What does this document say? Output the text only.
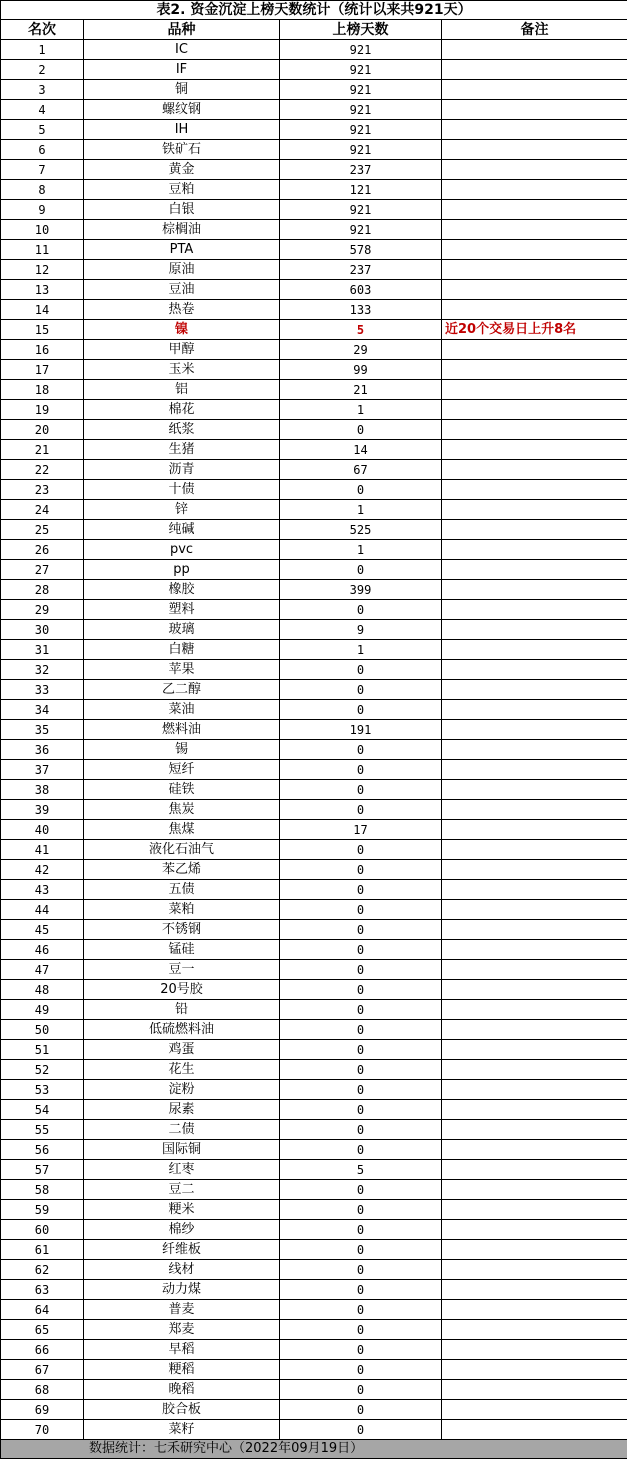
表2. 资金沉淀上榜天数统计（统计以来共921天）			
名次	品种	上榜天数	备注
1	IC	921	
2	IF	921	
3	铜	921	
4	螺纹钢	921	
5	IH	921	
6	铁矿石	921	
7	黄金	237	
8	豆粕	121	
9	白银	921	
10	棕榈油	921	
11	PTA	578	
12	原油	237	
13	豆油	603	
14	热卷	133	
15	镍	5	近20个交易日上升8名
16	甲醇	29	
17	玉米	99	
18	铝	21	
19	棉花	1	
20	纸浆	0	
21	生猪	14	
22	沥青	67	
23	十债	0	
24	锌	1	
25	纯碱	525	
26	pvc	1	
27	pp	0	
28	橡胶	399	
29	塑料	0	
30	玻璃	9	
31	白糖	1	
32	苹果	0	
33	乙二醇	0	
34	菜油	0	
35	燃料油	191	
36	锡	0	
37	短纤	0	
38	硅铁	0	
39	焦炭	0	
40	焦煤	17	
41	液化石油气	0	
42	苯乙烯	0	
43	五债	0	
44	菜粕	0	
45	不锈钢	0	
46	锰硅	0	
47	豆一	0	
48	20号胶	0	
49	铅	0	
50	低硫燃料油	0	
51	鸡蛋	0	
52	花生	0	
53	淀粉	0	
54	尿素	0	
55	二债	0	
56	国际铜	0	
57	红枣	5	
58	豆二	0	
59	粳米	0	
60	棉纱	0	
61	纤维板	0	
62	线材	0	
63	动力煤	0	
64	普麦	0	
65	郑麦	0	
66	早稻	0	
67	粳稻	0	
68	晚稻	0	
69	胶合板	0	
70	菜籽	0	
数据统计：七禾研究中心（2022年09月19日）			
